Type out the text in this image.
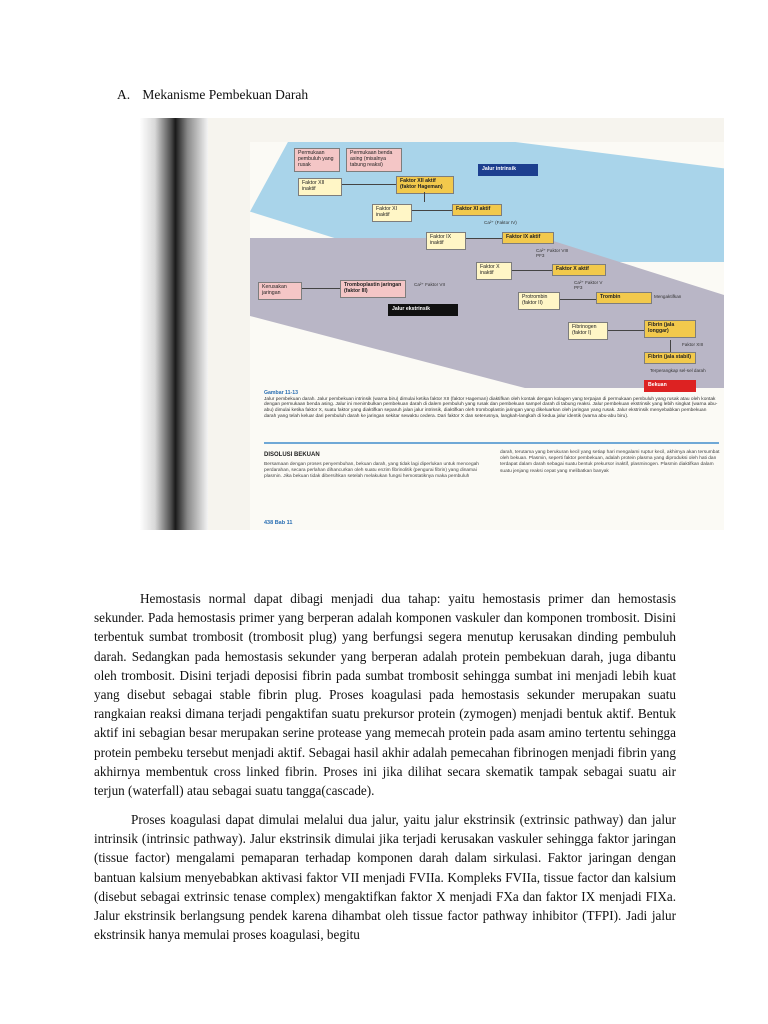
A. Mekanisme Pembekuan Darah
Permukaan pembuluh yang rusak
Permukaan benda asing (misalnya tabung reaksi)
Jalur intrinsik
Faktor XII inaktif
Faktor XII aktif (faktor Hageman)
Faktor XI inaktif
Faktor XI aktif
Ca²⁺ (Faktor IV)
Faktor IX inaktif
Faktor IX aktif
Ca²⁺ Faktor VIII PF3
Faktor X inaktif
Faktor X aktif
Kerusakan jaringan
Tromboplastin jaringan (faktor III)
Ca²⁺ Faktor VII	Ca²⁺ Faktor V PF3
Protrombin (faktor II)
Trombin	Mengaktifkan
Jalur ekstrinsik
Fibrinogen (faktor I)
Fibrin (jala longgar)
Faktor XIII
Fibrin (jala stabil)
Terperangkap sel-sel darah
Bekuan
Gambar 11-13
Jalur pembekuan darah. Jalur pembekuan intrinsik (warna biru) dimulai ketika faktor XII (faktor Hageman) diaktifkan oleh kontak dengan kolagen yang terpajan di permukaan pembuluh yang rusak atau oleh kontak dengan permukaan benda asing. Jalur ini menimbulkan pembekuan darah di dalem pembuluh yang rusak dan pembekuan sampel darah di tabung reaksi. Jalur pembekuan ekstrinsik yang lebih singkat (warna abu-abu) dimulai ketika faktor X, suatu faktor yang diaktifkan separuh jalan jalur intrinsik, diaktifkan oleh tromboplastin jaringan yang dikeluarkan oleh jaringan yang rusak. Jalur ekstrinsik menyebabkan pembekuan darah yang telah keluar dari pembuluh darah ke jaringan sekitar sewaktu cedera. Dari faktor X dan seterusnya, langkah-langkah di kedua jalur identik (warna abu-abu biru).
DISOLUSI BEKUAN
Bersamaan dengan proses penyembuhan, bekuan darah, yang tidak lagi diperlukan untuk mencegah perdarahan, secara perlahan dihancurkan oleh suatu enzim fibrinolitik (pengurai fibrin) yang dinamai plasmin. Jika bekuan tidak dibersihkan setelah melakukan fungsi hemostatiknya maka pembuluh
darah, terutama yang berukuran kecil yang setiap hari mengalami ruptur kecil, akhirnya akan tersumbat oleh bekuan. Plasmin, seperti faktor pembekuan, adalah protein plasma yang diproduksi oleh hati dan terdapat dalam darah sebagai suatu bentuk prekursor inaktif, plasminogen. Plasmin diaktifkan dalam suatu jenjang reaksi cepat yang melibatkan banyak
438 Bab 11
Hemostasis normal dapat dibagi menjadi dua tahap: yaitu hemostasis primer dan hemostasis sekunder. Pada hemostasis primer yang berperan adalah komponen vaskuler dan komponen trombosit. Disini terbentuk sumbat trombosit (trombosit plug) yang berfungsi segera menutup kerusakan dinding pembuluh darah. Sedangkan pada hemostasis sekunder yang berperan adalah protein pembekuan darah, juga dibantu oleh trombosit. Disini terjadi deposisi fibrin pada sumbat trombosit sehingga sumbat ini menjadi lebih kuat yang disebut sebagai stable fibrin plug. Proses koagulasi pada hemostasis sekunder merupakan suatu rangkaian reaksi dimana terjadi pengaktifan suatu prekursor protein (zymogen) menjadi bentuk aktif. Bentuk aktif ini sebagian besar merupakan serine protease yang memecah protein pada asam amino tertentu sehingga protein pembeku tersebut menjadi aktif. Sebagai hasil akhir adalah pemecahan fibrinogen menjadi fibrin yang akhirnya membentuk cross linked fibrin. Proses ini jika dilihat secara skematik tampak sebagai suatu air terjun (waterfall) atau sebagai suatu tangga(cascade).
Proses koagulasi dapat dimulai melalui dua jalur, yaitu jalur ekstrinsik (extrinsic pathway) dan jalur intrinsik (intrinsic pathway). Jalur ekstrinsik dimulai jika terjadi kerusakan vaskuler sehingga faktor jaringan (tissue factor) mengalami pemaparan terhadap komponen darah dalam sirkulasi. Faktor jaringan dengan bantuan kalsium menyebabkan aktivasi faktor VII menjadi FVIIa. Kompleks FVIIa, tissue factor dan kalsium (disebut sebagai extrinsic tenase complex) mengaktifkan faktor X menjadi FXa dan faktor IX menjadi FIXa. Jalur ekstrinsik berlangsung pendek karena dihambat oleh tissue factor pathway inhibitor (TFPI). Jadi jalur ekstrinsik hanya memulai proses koagulasi, begitu
